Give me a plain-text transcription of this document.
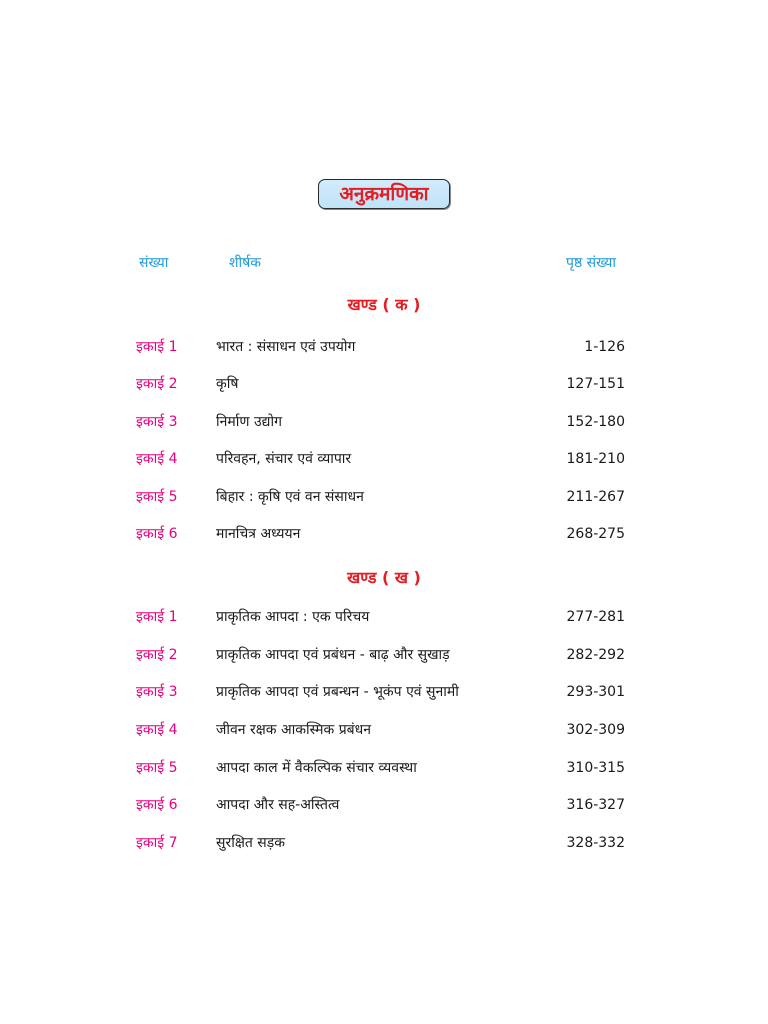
अनुक्रमणिका
संख्या	शीर्षक	पृष्ठ संख्या
खण्ड ( क )
इकाई 1	भारत : संसाधन एवं उपयोग	1-126
इकाई 2	कृषि	127-151
इकाई 3	निर्माण उद्योग	152-180
इकाई 4	परिवहन, संचार एवं व्यापार	181-210
इकाई 5	बिहार : कृषि एवं वन संसाधन	211-267
इकाई 6	मानचित्र अध्ययन	268-275
खण्ड ( ख )
इकाई 1	प्राकृतिक आपदा : एक परिचय	277-281
इकाई 2	प्राकृतिक आपदा एवं प्रबंधन - बाढ़ और सुखाड़	282-292
इकाई 3	प्राकृतिक आपदा एवं प्रबन्धन - भूकंप एवं सुनामी	293-301
इकाई 4	जीवन रक्षक आकस्मिक प्रबंधन	302-309
इकाई 5	आपदा काल में वैकल्पिक संचार व्यवस्था	310-315
इकाई 6	आपदा और सह-अस्तित्व	316-327
इकाई 7	सुरक्षित सड़क	328-332
